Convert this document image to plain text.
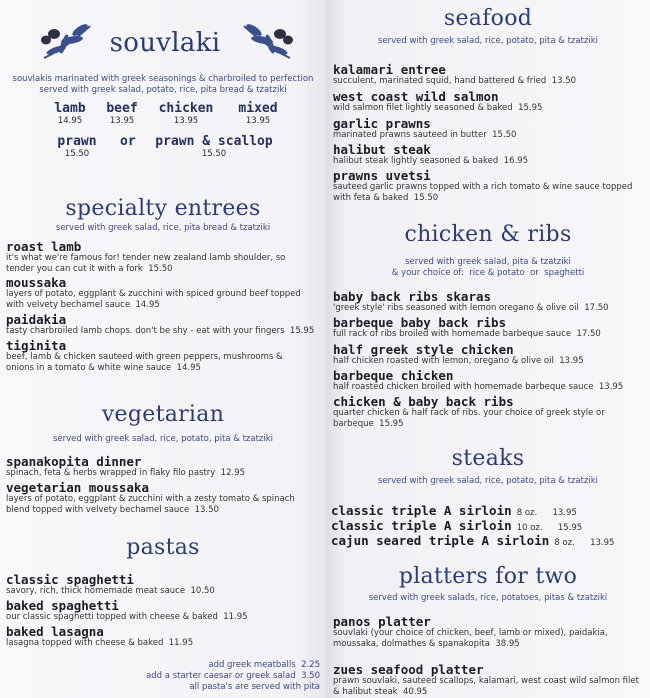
souvlaki
souvlakis marinated with greek seasonings & charbroiled to perfection
served with greek salad, potato, rice, pita bread & tzatziki
lamb
14.95
beef
13.95
chicken
13.95
mixed
13.95
prawn
15.50
or	prawn & scallop
15.50
specialty entrees
served with greek salad, rice, pita bread & tzatziki
roast lamb
it's what we're famous for! tender new zealand lamb shoulder, so tender you can cut it with a fork 15.50
moussaka
layers of potato, eggplant & zucchini with spiced ground beef topped with velvety bechamel sauce 14.95
paidakia
tasty charbroiled lamb chops. don't be shy - eat with your fingers 15.95
tiginita
beef, lamb & chicken sauteed with green peppers, mushrooms & onions in a tomato & white wine sauce 14.95
vegetarian
served with greek salad, rice, potato, pita & tzatziki
spanakopita dinner
spinach, feta & herbs wrapped in flaky filo pastry 12.95
vegetarian moussaka
layers of potato, eggplant & zucchini with a zesty tomato & spinach blend topped with velvety bechamel sauce 13.50
pastas
classic spaghetti
savory, rich, thick homemade meat sauce 10.50
baked spaghetti
our classic spaghetti topped with cheese & baked 11.95
baked lasagna
lasagna topped with cheese & baked 11.95
add greek meatballs 2.25
add a starter caesar or greek salad 3.50
all pasta's are served with pita
seafood
served with greek salad, rice, potato, pita & tzatziki
kalamari entree
succulent, marinated squid, hand battered & fried 13.50
west coast wild salmon
wild salmon filet lightly seasoned & baked 15.95
garlic prawns
marinated prawns sauteed in butter 15.50
halibut steak
halibut steak lightly seasoned & baked 16.95
prawns uvetsi
sauteed garlic prawns topped with a rich tomato & wine sauce topped with feta & baked 15.50
chicken & ribs
served with greek salad, pita & tzatziki
& your choice of:  rice & potato  or  spaghetti
baby back ribs skaras
'greek style' ribs seasoned with lemon oregano & olive oil 17.50
barbeque baby back ribs
full rack of ribs broiled with homemade barbeque sauce 17.50
half greek style chicken
half chicken roasted with lemon, oregano & olive oil 13.95
barbeque chicken
half roasted chicken broiled with homemade barbeque sauce 13.95
chicken & baby back ribs
quarter chicken & half rack of ribs. your choice of greek style or barbeque 15.95
steaks
served with greek salad, rice, potato, pita & tzatziki
classic triple A sirloin 8 oz. 13.95
classic triple A sirloin 10 oz. 15.95
cajun seared triple A sirloin 8 oz. 13.95
platters for two
served with greek salads, rice, potatoes, pitas & tzatziki
panos platter
souvlaki (your choice of chicken, beef, lamb or mixed), paidakia, moussaka, dolmathes & spanakopita 38.95
zues seafood platter
prawn souvlaki, sauteed scallops, kalamari, west coast wild salmon filet & halibut steak 40.95
